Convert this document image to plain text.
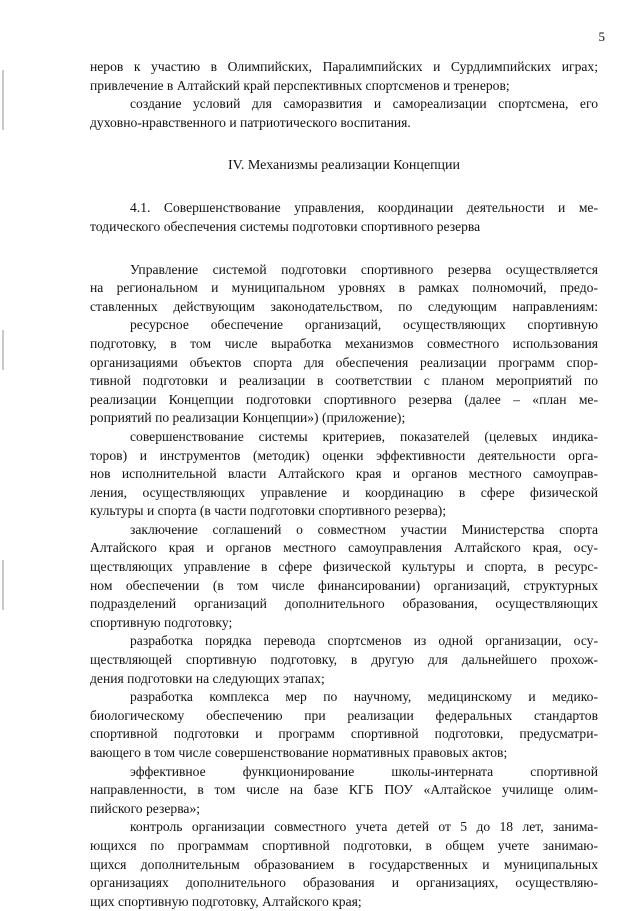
5
неров к участию в Олимпийских, Паралимпийских и Сурдлимпийских играх;
привлечение в Алтайский край перспективных спортсменов и тренеров;
создание условий для саморазвития и самореализации спортсмена, его
духовно-нравственного и патриотического воспитания.
IV. Механизмы реализации Концепции
4.1. Совершенствование управления, координации деятельности и ме-
тодического обеспечения системы подготовки спортивного резерва
Управление системой подготовки спортивного резерва осуществляется
на региональном и муниципальном уровнях в рамках полномочий, предо-
ставленных действующим законодательством, по следующим направлениям:
ресурсное обеспечение организаций, осуществляющих спортивную
подготовку, в том числе выработка механизмов совместного использования
организациями объектов спорта для обеспечения реализации программ спор-
тивной подготовки и реализации в соответствии с планом мероприятий по
реализации Концепции подготовки спортивного резерва (далее – «план ме-
роприятий по реализации Концепции») (приложение);
совершенствование системы критериев, показателей (целевых индика-
торов) и инструментов (методик) оценки эффективности деятельности орга-
нов исполнительной власти Алтайского края и органов местного самоуправ-
ления, осуществляющих управление и координацию в сфере физической
культуры и спорта (в части подготовки спортивного резерва);
заключение соглашений о совместном участии Министерства спорта
Алтайского края и органов местного самоуправления Алтайского края, осу-
ществляющих управление в сфере физической культуры и спорта, в ресурс-
ном обеспечении (в том числе финансировании) организаций, структурных
подразделений организаций дополнительного образования, осуществляющих
спортивную подготовку;
разработка порядка перевода спортсменов из одной организации, осу-
ществляющей спортивную подготовку, в другую для дальнейшего прохож-
дения подготовки на следующих этапах;
разработка комплекса мер по научному, медицинскому и медико-
биологическому обеспечению при реализации федеральных стандартов
спортивной подготовки и программ спортивной подготовки, предусматри-
вающего в том числе совершенствование нормативных правовых актов;
эффективное функционирование школы-интерната спортивной
направленности, в том числе на базе КГБ ПОУ «Алтайское училище олим-
пийского резерва»;
контроль организации совместного учета детей от 5 до 18 лет, занима-
ющихся по программам спортивной подготовки, в общем учете занимаю-
щихся дополнительным образованием в государственных и муниципальных
организациях дополнительного образования и организациях, осуществляю-
щих спортивную подготовку, Алтайского края;
